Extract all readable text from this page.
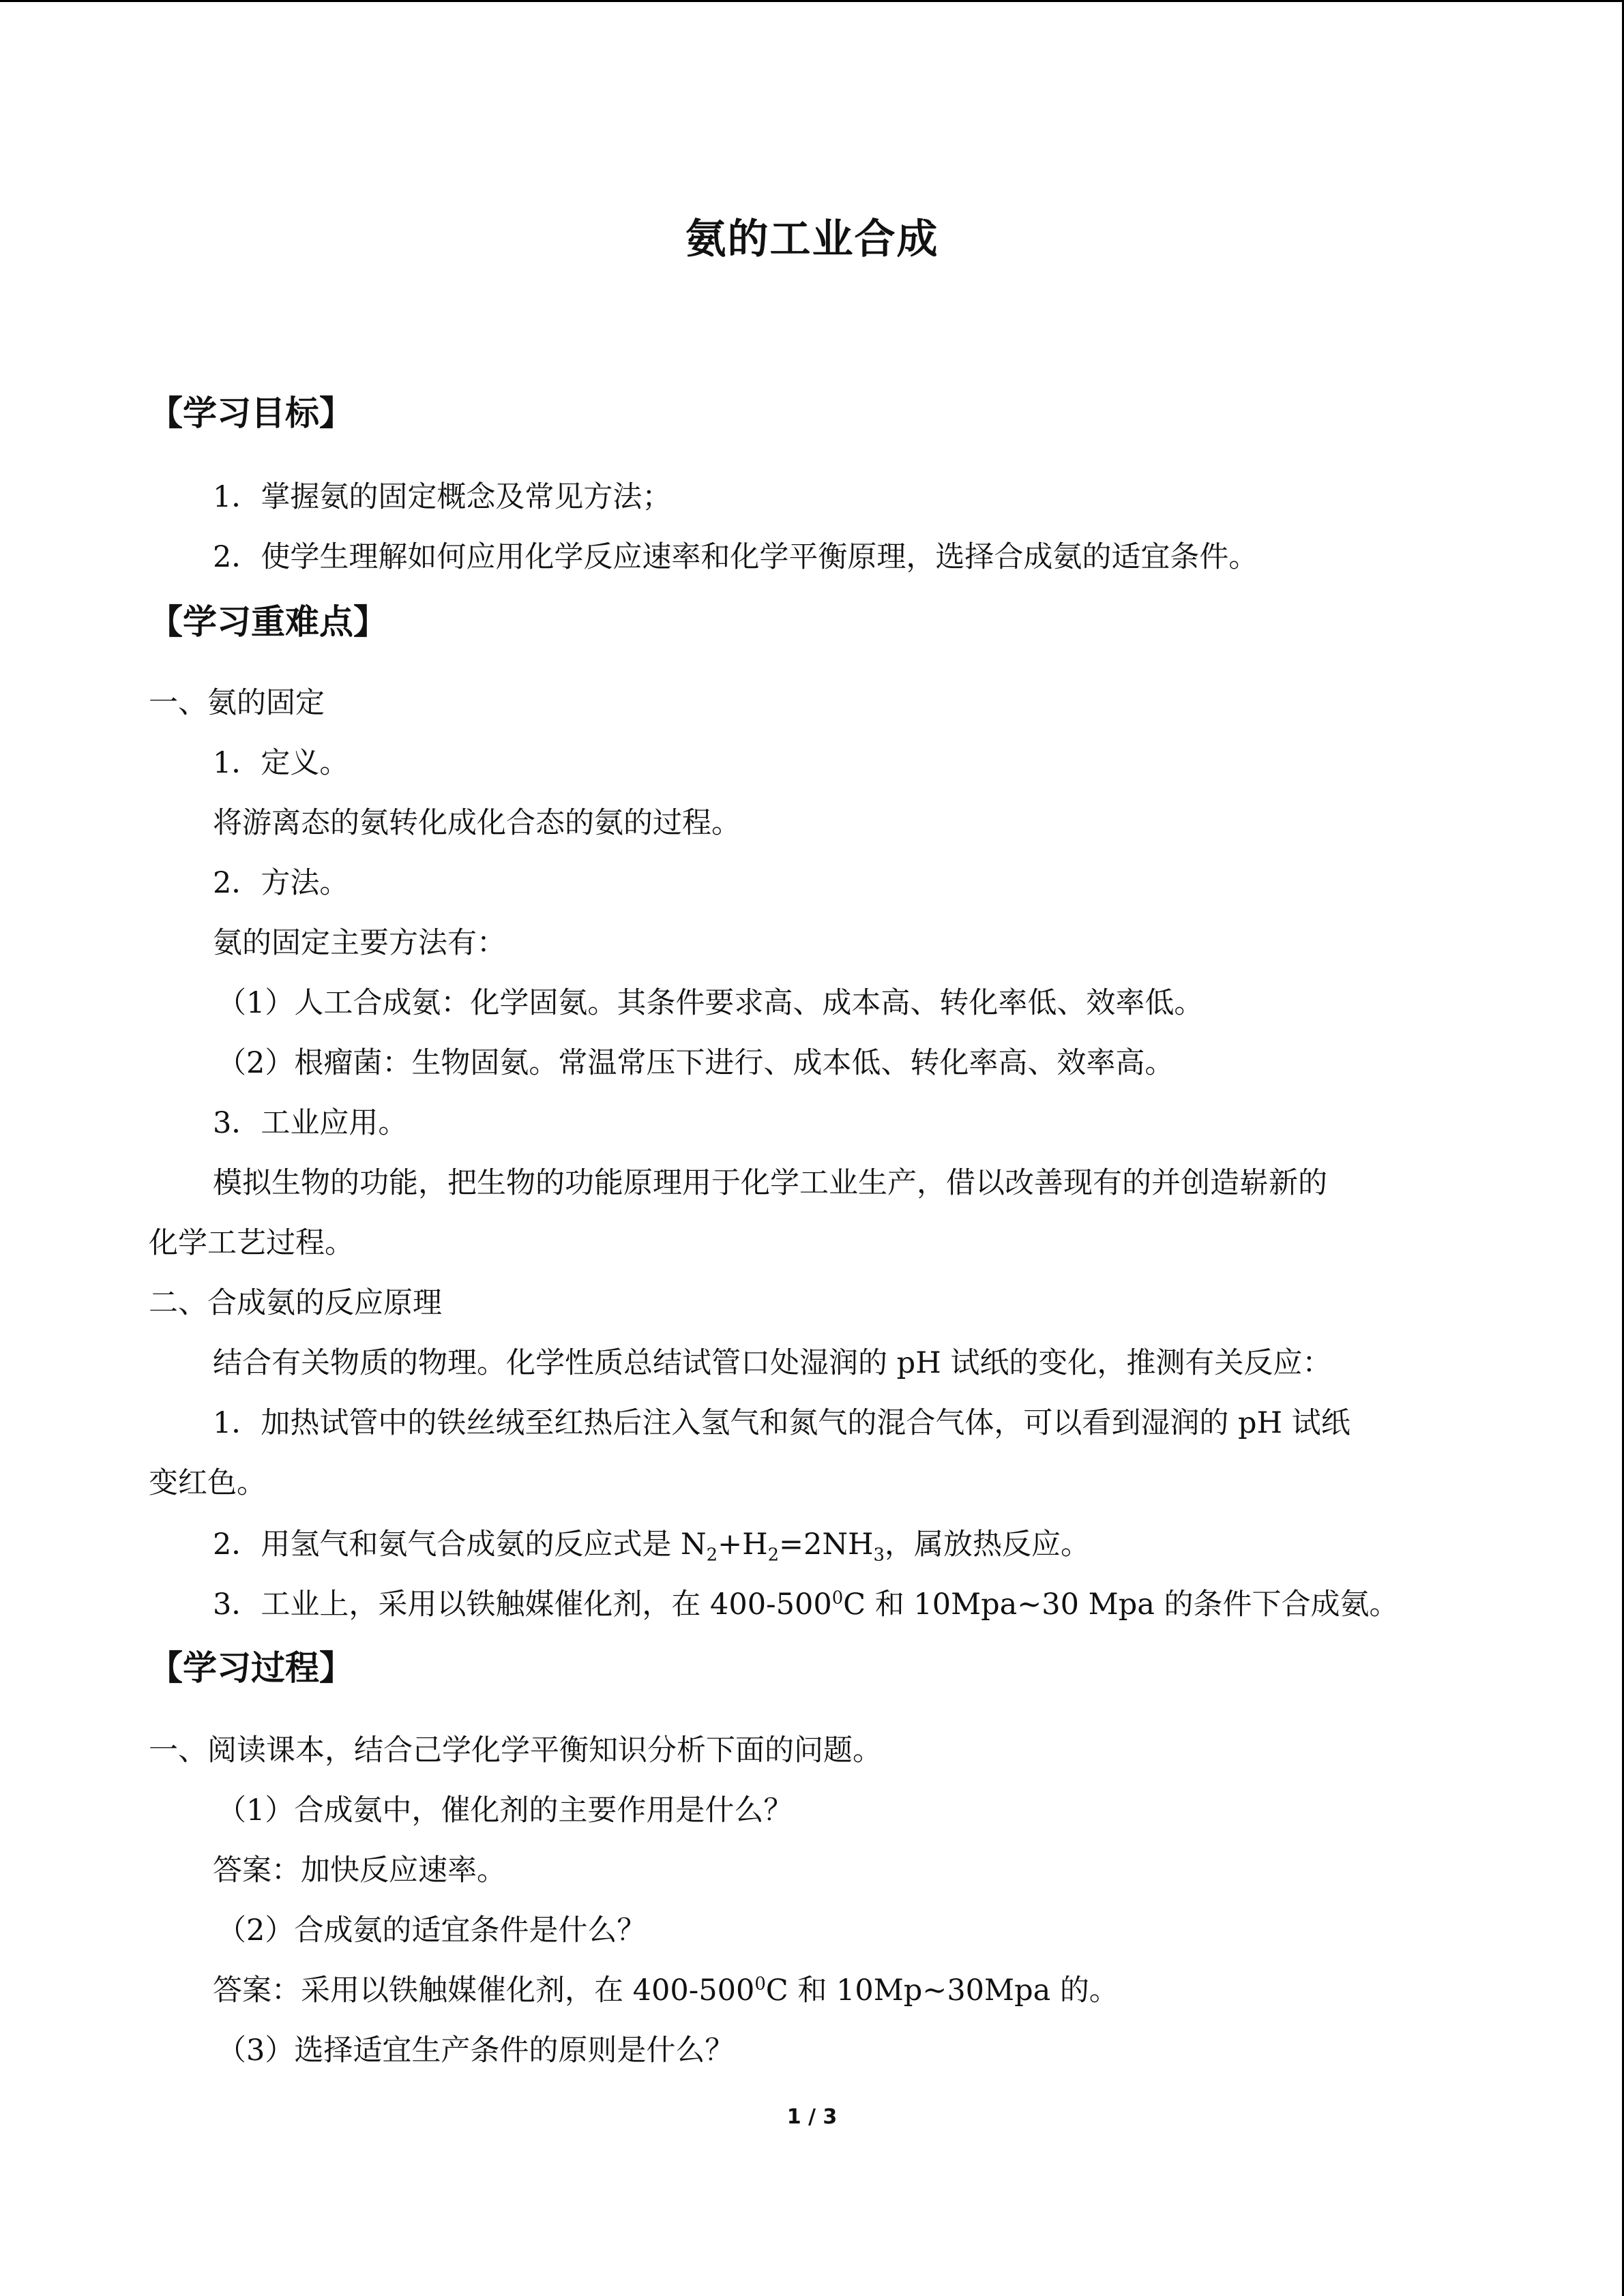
氨的工业合成
【学习目标】
1．掌握氨的固定概念及常见方法；
2．使学生理解如何应用化学反应速率和化学平衡原理，选择合成氨的适宜条件。
【学习重难点】
一、氨的固定
1．定义。
将游离态的氨转化成化合态的氨的过程。
2．方法。
氨的固定主要方法有：
（1）人工合成氨：化学固氨。其条件要求高、成本高、转化率低、效率低。
（2）根瘤菌：生物固氨。常温常压下进行、成本低、转化率高、效率高。
3．工业应用。
模拟生物的功能，把生物的功能原理用于化学工业生产，借以改善现有的并创造崭新的
化学工艺过程。
二、合成氨的反应原理
结合有关物质的物理。化学性质总结试管口处湿润的 pH 试纸的变化，推测有关反应：
1．加热试管中的铁丝绒至红热后注入氢气和氮气的混合气体，可以看到湿润的 pH 试纸
变红色。
2．用氢气和氨气合成氨的反应式是 $N_2+H_2=2NH_3$，属放热反应。
3．工业上，采用以铁触媒催化剂，在 $400-500^0C$ 和 10Mpa~30 Mpa 的条件下合成氨。
【学习过程】
一、阅读课本，结合己学化学平衡知识分析下面的问题。
（1）合成氨中，催化剂的主要作用是什么？
答案：加快反应速率。
（2）合成氨的适宜条件是什么？
答案：采用以铁触媒催化剂，在 $400-500^0C$ 和 10Mp~30Mpa 的。
（3）选择适宜生产条件的原则是什么？
1 / 3
